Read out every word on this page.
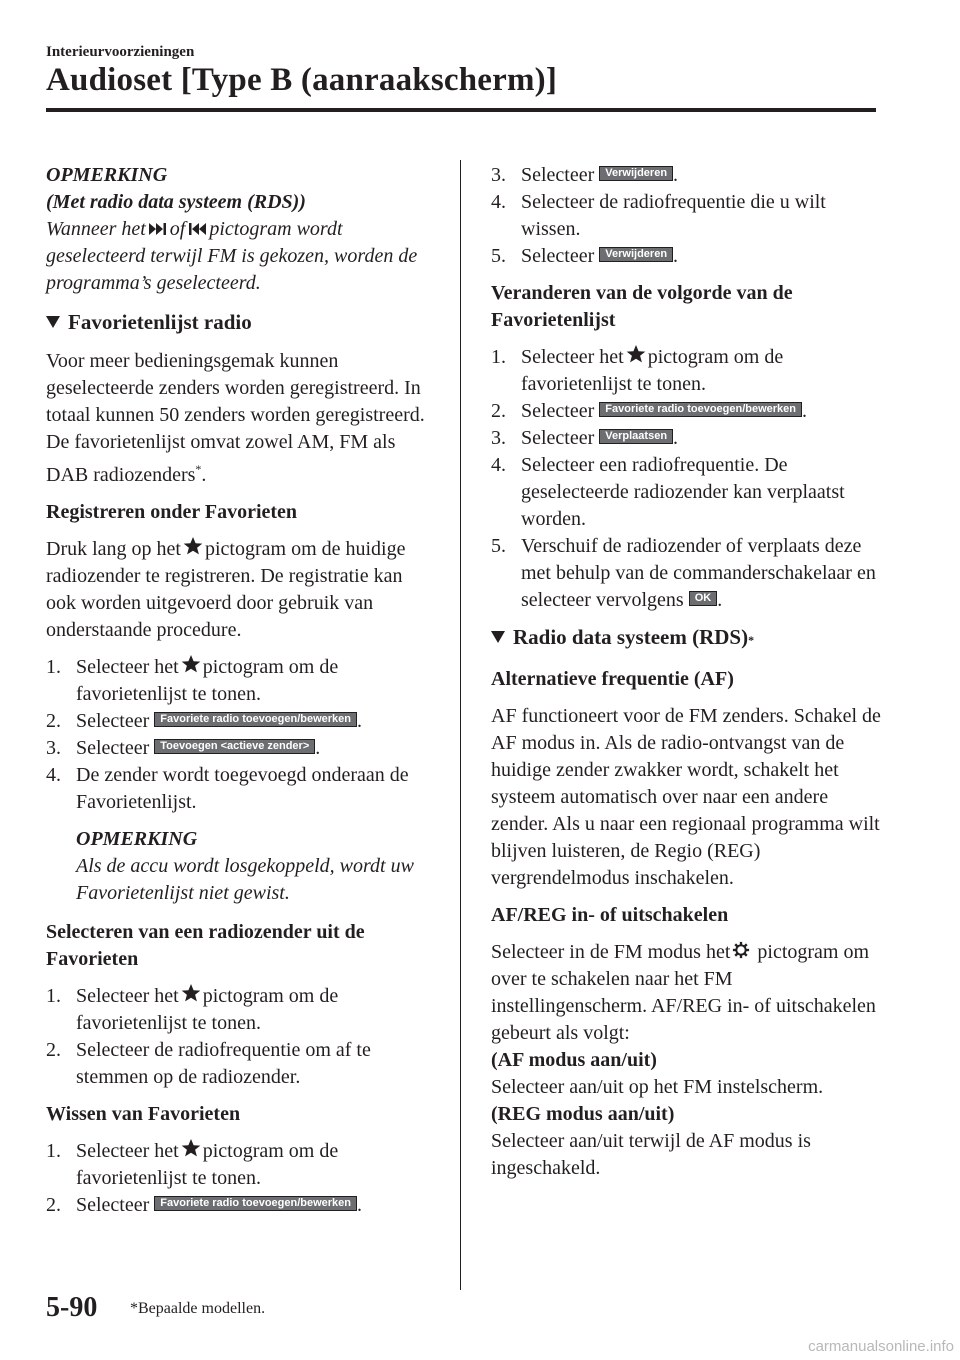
Interieurvoorzieningen
Audioset [Type B (aanraakscherm)]

OPMERKING

(Met radio data systeem (RDS))

Wanneer het of pictogram wordt geselecteerd terwijl FM is gekozen, worden de programma’s geselecteerd.

Favorietenlijst radio

Voor meer bedieningsgemak kunnen geselecteerde zenders worden geregistreerd. In totaal kunnen 50 zenders worden geregistreerd. De favorietenlijst omvat zowel AM, FM als DAB radiozenders*.

Registreren onder Favorieten

Druk lang op het pictogram om de huidige radiozender te registreren. De registratie kan ook worden uitgevoerd door gebruik van onderstaande procedure.

1. Selecteer het pictogram om de favorietenlijst te tonen.
2. Selecteer Favoriete radio toevoegen/bewerken .
3. Selecteer Toevoegen <actieve zender> .
4. De zender wordt toegevoegd onderaan de Favorietenlijst.

OPMERKING

Als de accu wordt losgekoppeld, wordt uw Favorietenlijst niet gewist.

Selecteren van een radiozender uit de Favorieten

1. Selecteer het pictogram om de favorietenlijst te tonen.
2. Selecteer de radiofrequentie om af te stemmen op de radiozender.

Wissen van Favorieten

1. Selecteer het pictogram om de favorietenlijst te tonen.
2. Selecteer Favoriete radio toevoegen/bewerken .
3. Selecteer Verwijderen .
4. Selecteer de radiofrequentie die u wilt wissen.
5. Selecteer Verwijderen .

Veranderen van de volgorde van de Favorietenlijst

1. Selecteer het pictogram om de favorietenlijst te tonen.
2. Selecteer Favoriete radio toevoegen/bewerken .
3. Selecteer Verplaatsen .
4. Selecteer een radiofrequentie. De geselecteerde radiozender kan verplaatst worden.
5. Verschuif de radiozender of verplaats deze met behulp van de commanderschakelaar en selecteer vervolgens OK .
Radio data systeem (RDS) *

Alternatieve frequentie (AF)

AF functioneert voor de FM zenders. Schakel de AF modus in. Als de radio-ontvangst van de huidige zender zwakker wordt, schakelt het systeem automatisch over naar een andere zender. Als u naar een regionaal programma wilt blijven luisteren, de Regio (REG) vergrendelmodus inschakelen.

AF/REG in- of uitschakelen

Selecteer in de FM modus het pictogram om over te schakelen naar het FM instellingenscherm. AF/REG in- of uitschakelen gebeurt als volgt:

(AF modus aan/uit)

Selecteer aan/uit op het FM instelscherm.

(REG modus aan/uit)

Selecteer aan/uit terwijl de AF modus is ingeschakeld.

5-90 *Bepaalde modellen.
carmanualsonline.info
